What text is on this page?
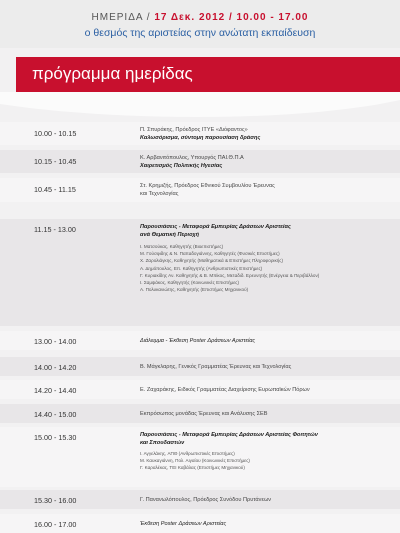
ΗΜΕΡΙΔΑ / 17 Δεκ. 2012 / 10.00 - 17.00
ο θεσμός της αριστείας στην ανώτατη εκπαίδευση
πρόγραμμα ημερίδας
10.00 - 10.15	Π. Σπυράκης, Πρόεδρος ΙΤΥΕ «Διόφαντος»
Καλωσόρισμα, σύντομη παρουσίαση δράσης
10.15 - 10.45	Κ. Αρβανιτόπουλος, Υπουργός ΠΑΙ.Θ.Π.Α
Χαιρετισμός Πολιτικής Ηγεσίας
10.45 - 11.15	Στ. Κρημιζής, Πρόεδρος Εθνικού Συμβουλίου Έρευνας
και Τεχνολογίας
11.15 - 13.00	Παρουσιάσεις - Μεταφορά Εμπειρίας Δράσεων Αριστείας
ανά Θεματική Περιοχή
Ι. Ματσούκας, Καθηγητής (Βιοεπιστήμες)
Μ. Γούσφιδης & Ν. Παπαδογιάννης, Καθηγητές (Φυσικές Επιστήμες)
Χ. Ζαρολιάγκης, Καθηγητής (Μαθηματικά & Επιστήμες Πληροφορικής)
Α. Δημόπουλος, Επ. Καθηγητής (Ανθρωπιστικές Επιστήμες)
Γ. Κυριακίδης Αν. Καθηγητής & Β. Μπίκος, Μεταδιδ. Ερευνητής (Ενέργεια & Περιβάλλον)
Ι. Σαμψάκος, Καθηγητής (Κοινωνικές Επιστήμες)
Α. Πολυκανιώτης, Καθηγητής (Επιστήμες Μηχανικού)
13.00 - 14.00	Διάλειμμα - Έκθεση Poster Δράσεων Αριστείας
14.00 - 14.20	Β. Μάγκλαρης, Γενικός Γραμματέας Έρευνας και Τεχνολογίας
14.20 - 14.40	Ε. Ζαχαράκης, Ειδικός Γραμματέας Διαχείρισης Ευρωπαϊκών Πόρων
14.40 - 15.00	Εκπρόσωπος μονάδας Έρευνας και Ανάλυσης ΣΕΒ
15.00 - 15.30	Παρουσιάσεις - Μεταφορά Εμπειρίας Δράσεων Αριστείας Φοιτητών
και Σπουδαστών
Ι. Αγγελάκης, ΑΠΘ (Ανθρωπιστικές Επιστήμες)
Μ. Καυκαγιάννη, Πολ. Αιγαίου (Κοινωνικές Επιστήμες)
Γ. Καραλέκας, ΤΕΙ Καβάλας (Επιστήμες Μηχανικού)
15.30 - 16.00	Γ. Πανανωλόπουλος, Πρόεδρος Συνόδου Πρυτάνεων
16.00 - 17.00	Έκθεση Poster Δράσεων Αριστείας
